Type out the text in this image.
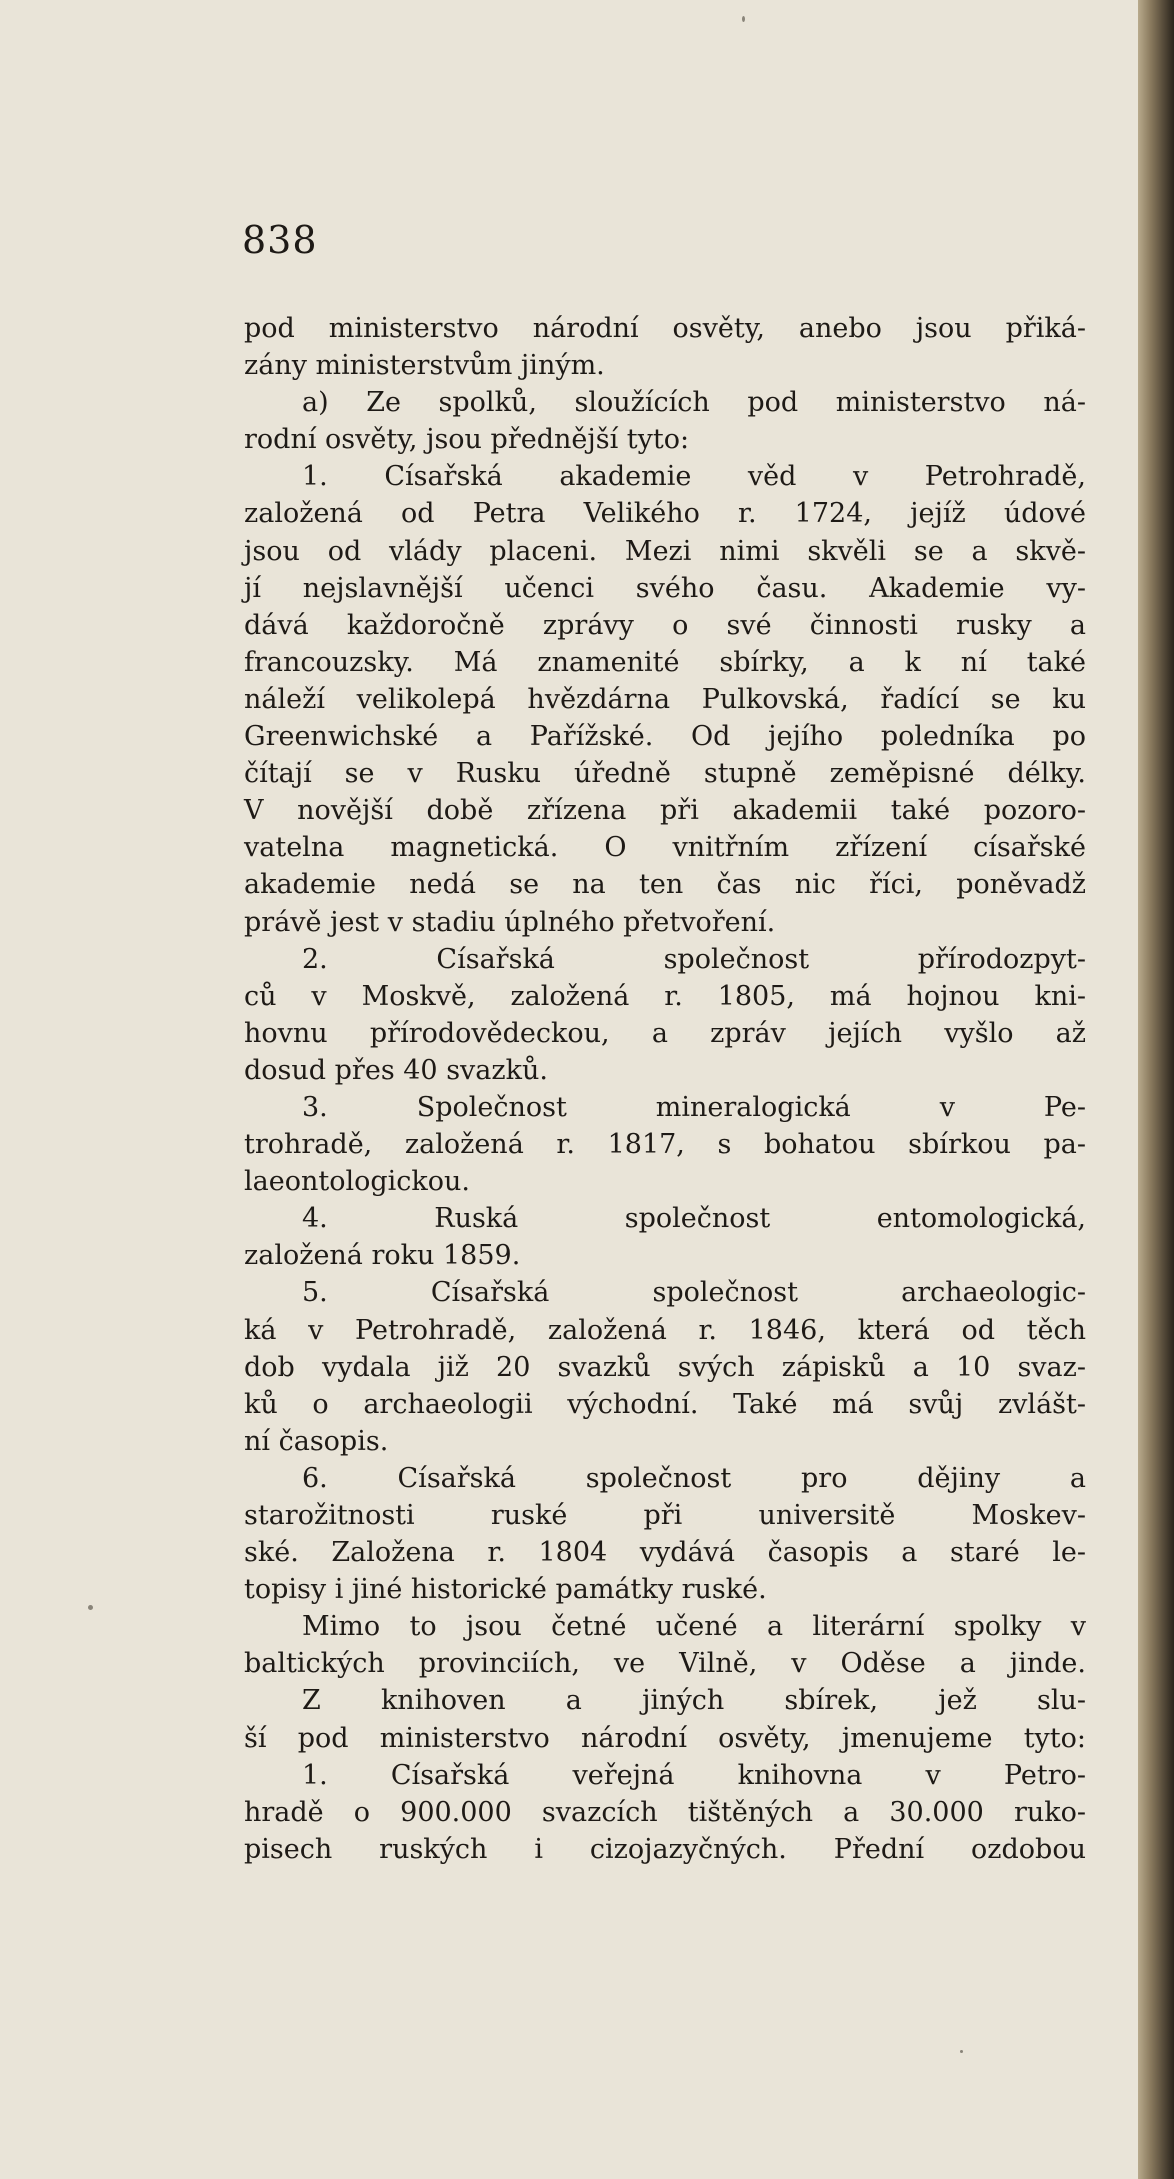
838

pod ministerstvo národní osvěty, anebo jsou přiká-
zány ministerstvům jiným.
a) Ze spolků, sloužících pod ministerstvo ná-
rodní osvěty, jsou přednější tyto:
1. Císařská akademie věd v Petrohradě,
založená od Petra Velikého r. 1724, jejíž údové
jsou od vlády placeni. Mezi nimi skvěli se a skvě-
jí nejslavnější učenci svého času. Akademie vy-
dává každoročně zprávy o své činnosti rusky a
francouzsky. Má znamenité sbírky, a k ní také
náleží velikolepá hvězdárna Pulkovská, řadící se ku
Greenwichské a Pařížské. Od jejího poledníka po
čítají se v Rusku úředně stupně zeměpisné délky.
V novější době zřízena při akademii také pozoro-
vatelna magnetická. O vnitřním zřízení císařské
akademie nedá se na ten čas nic říci, poněvadž
právě jest v stadiu úplného přetvoření.
2. Císařská společnost přírodozpyt-
ců v Moskvě, založená r. 1805, má hojnou kni-
hovnu přírodovědeckou, a zpráv jejích vyšlo až
dosud přes 40 svazků.
3. Společnost mineralogická v Pe-
trohradě, založená r. 1817, s bohatou sbírkou pa-
laeontologickou.
4. Ruská společnost entomologická,
založená roku 1859.
5. Císařská společnost archaeologic-
ká v Petrohradě, založená r. 1846, která od těch
dob vydala již 20 svazků svých zápisků a 10 svaz-
ků o archaeologii východní. Také má svůj zvlášt-
ní časopis.
6. Císařská společnost pro dějiny a
starožitnosti ruské při universitě Moskev-
ské. Založena r. 1804 vydává časopis a staré le-
topisy i jiné historické památky ruské.
Mimo to jsou četné učené a literární spolky v
baltických provinciích, ve Vilně, v Oděse a jinde.
Z knihoven a jiných sbírek, jež slu-
ší pod ministerstvo národní osvěty, jmenujeme tyto:
1. Císařská veřejná knihovna v Petro-
hradě o 900.000 svazcích tištěných a 30.000 ruko-
pisech ruských i cizojazyčných. Přední ozdobou
